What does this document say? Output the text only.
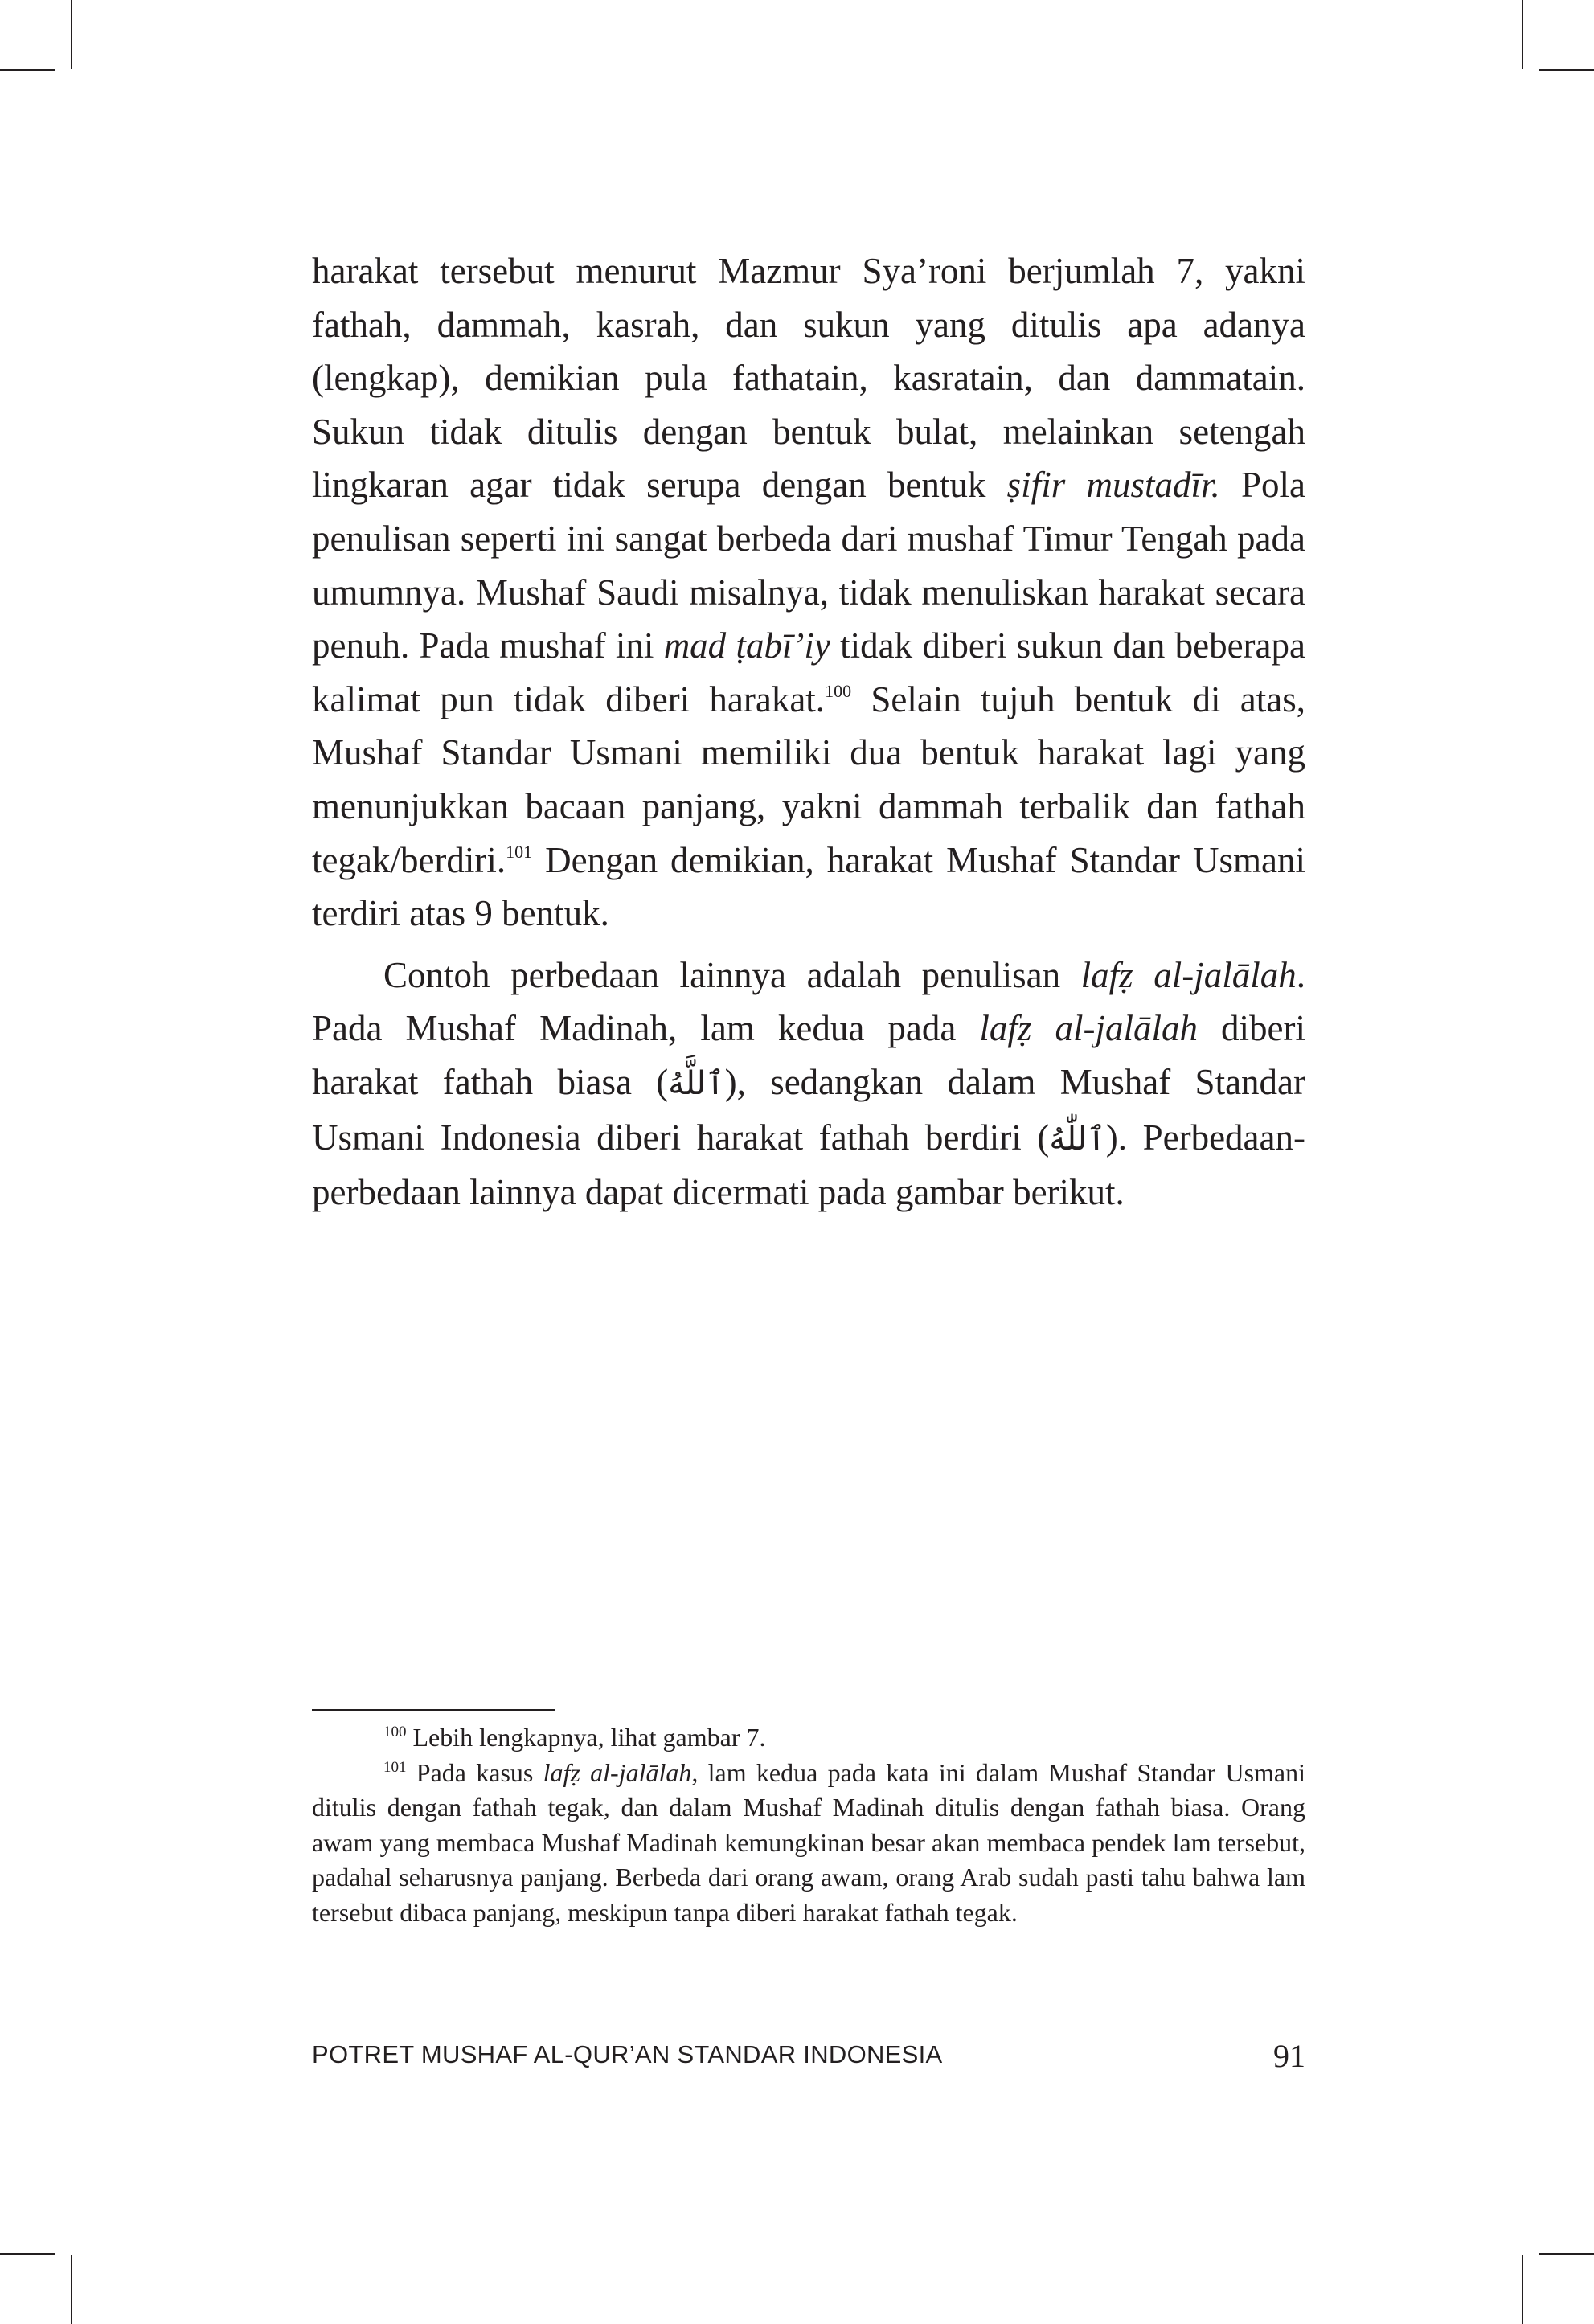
harakat tersebut menurut Mazmur Sya’roni berjumlah 7, yakni fathah, dammah, kasrah, dan sukun yang ditulis apa adanya (lengkap), demikian pula fathatain, kasratain, dan dammatain. Sukun tidak ditulis dengan bentuk bulat, melainkan setengah lingkaran agar tidak serupa dengan bentuk ṣifir mustadīr. Pola penulisan seperti ini sangat berbeda dari mushaf Timur Tengah pada umumnya. Mushaf Saudi misalnya, tidak menuliskan harakat secara penuh. Pada mushaf ini mad ṭabī’iy tidak diberi sukun dan beberapa kalimat pun tidak diberi harakat.$^{100}$ Selain tujuh bentuk di atas, Mushaf Standar Usmani memiliki dua bentuk harakat lagi yang menunjukkan bacaan panjang, yakni dammah terbalik dan fathah tegak/berdiri.$^{101}$ Dengan demikian, harakat Mushaf Standar Usmani terdiri atas 9 bentuk.

Contoh perbedaan lainnya adalah penulisan lafẓ al-jalālah. Pada Mushaf Madinah, lam kedua pada lafẓ al-jalālah diberi harakat fathah biasa (ٱللَّهُ), sedangkan dalam Mushaf Standar Usmani Indonesia diberi harakat fathah berdiri (ٱللّٰهُ). Perbedaan-perbedaan lainnya dapat dicermati pada gambar berikut.

$^{100}$ Lebih lengkapnya, lihat gambar 7.

$^{101}$ Pada kasus lafẓ al-jalālah, lam kedua pada kata ini dalam Mushaf Standar Usmani ditulis dengan fathah tegak, dan dalam Mushaf Madinah ditulis dengan fathah biasa. Orang awam yang membaca Mushaf Madinah kemungkinan besar akan membaca pendek lam tersebut, padahal seharusnya panjang. Berbeda dari orang awam, orang Arab sudah pasti tahu bahwa lam tersebut dibaca panjang, meskipun tanpa diberi harakat fathah tegak.

POTRET MUSHAF AL-QUR’AN STANDAR INDONESIA	91
